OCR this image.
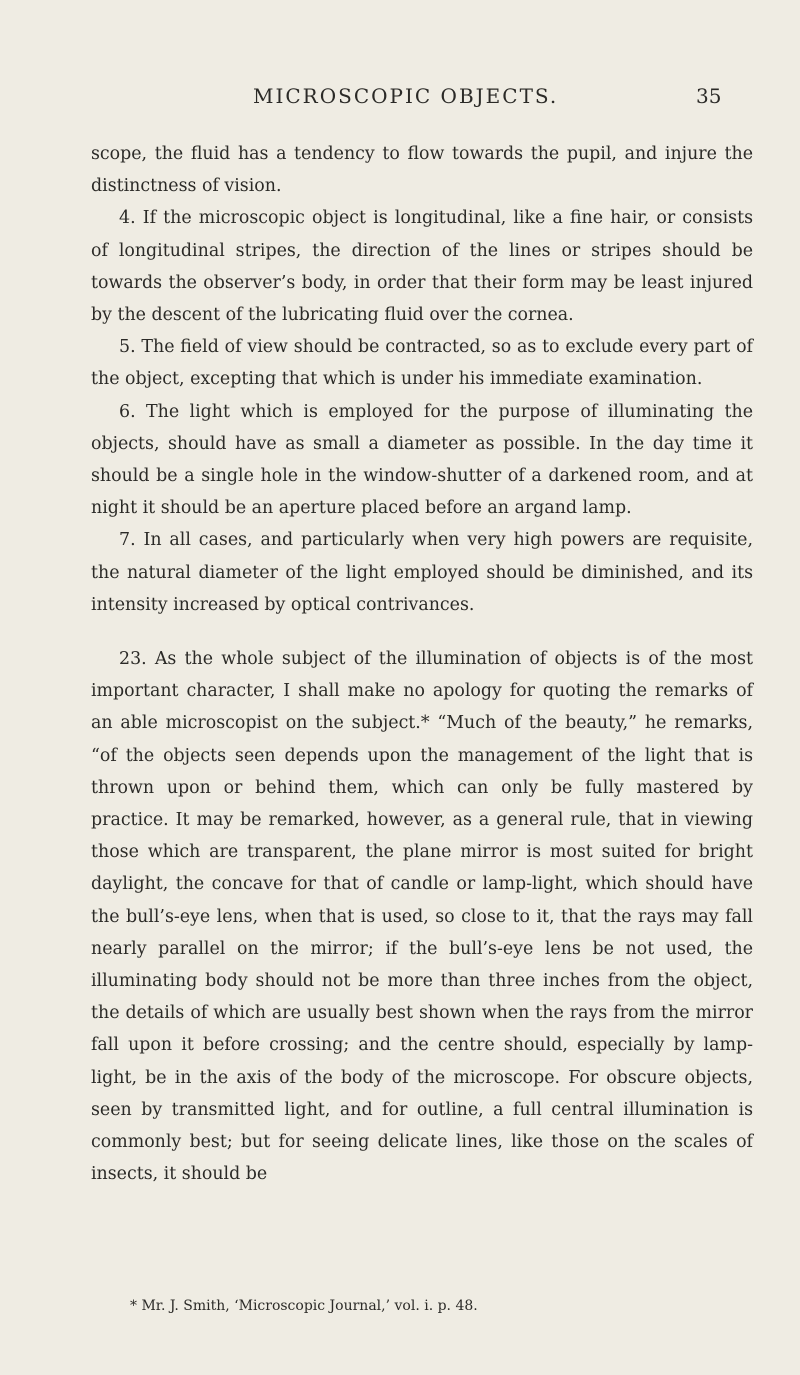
MICROSCOPIC OBJECTS.	35

scope, the fluid has a tendency to flow towards the pupil, and injure the distinctness of vision.

4. If the microscopic object is longitudinal, like a fine hair, or consists of longitudinal stripes, the direction of the lines or stripes should be towards the observer’s body, in order that their form may be least injured by the descent of the lubricating fluid over the cornea.

5. The field of view should be contracted, so as to exclude every part of the object, excepting that which is under his immediate examination.

6. The light which is employed for the purpose of illuminating the objects, should have as small a diameter as possible. In the day time it should be a single hole in the window-shutter of a darkened room, and at night it should be an aperture placed before an argand lamp.

7. In all cases, and particularly when very high powers are requisite, the natural diameter of the light employed should be diminished, and its intensity increased by optical contrivances.

23. As the whole subject of the illumination of objects is of the most important character, I shall make no apology for quoting the remarks of an able microscopist on the subject.* “Much of the beauty,” he remarks, “of the objects seen depends upon the management of the light that is thrown upon or behind them, which can only be fully mastered by practice. It may be remarked, however, as a general rule, that in viewing those which are transparent, the plane mirror is most suited for bright daylight, the concave for that of candle or lamp-light, which should have the bull’s-eye lens, when that is used, so close to it, that the rays may fall nearly parallel on the mirror; if the bull’s-eye lens be not used, the illuminating body should not be more than three inches from the object, the details of which are usually best shown when the rays from the mirror fall upon it before crossing; and the centre should, especially by lamp-light, be in the axis of the body of the microscope. For obscure objects, seen by transmitted light, and for outline, a full central illumination is commonly best; but for seeing delicate lines, like those on the scales of insects, it should be

* Mr. J. Smith, ‘Microscopic Journal,’ vol. i. p. 48.
